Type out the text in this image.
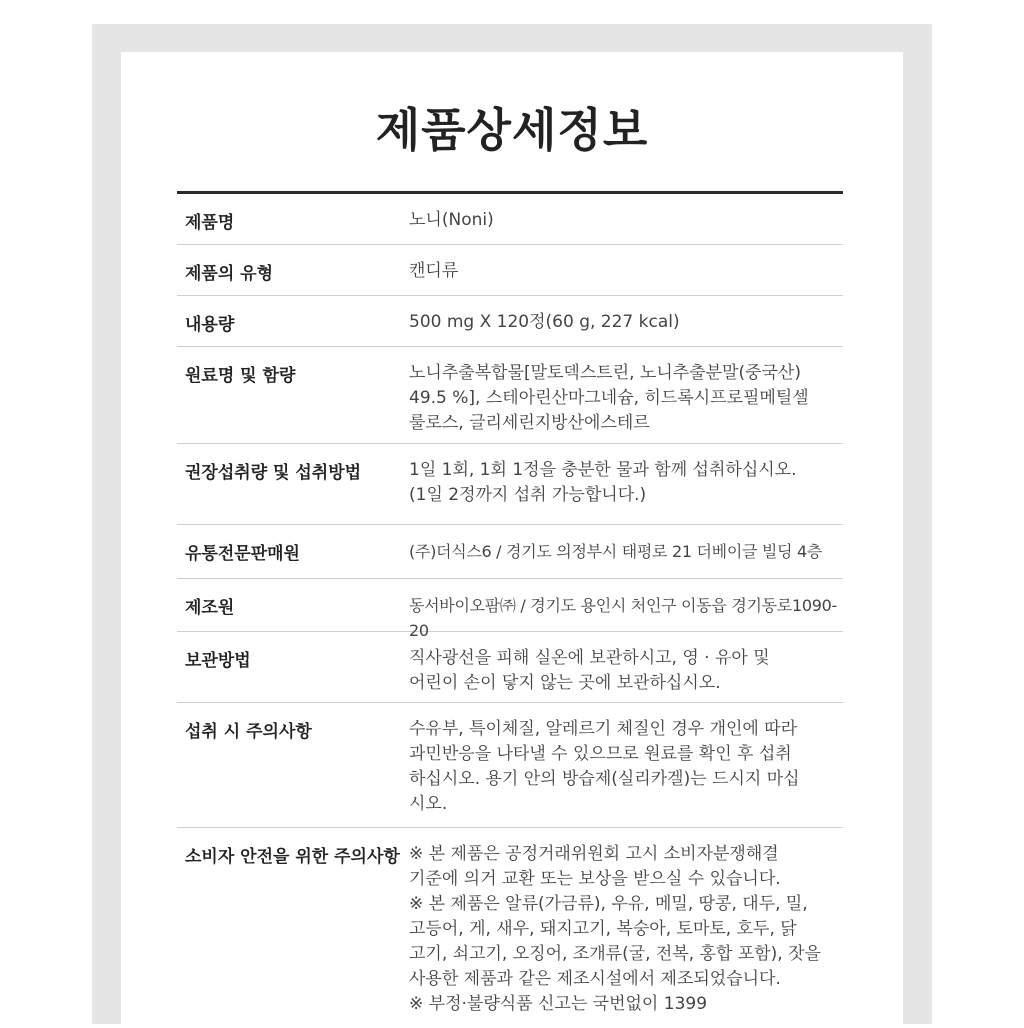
제품상세정보
제품명	노니(Noni)
제품의 유형	캔디류
내용량	500 mg X 120정(60 g, 227 kcal)
원료명 및 함량	노니추출복합물[말토덱스트린, 노니추출분말(중국산)
49.5 %], 스테아린산마그네슘, 히드록시프로필메틸셀
룰로스, 글리세린지방산에스테르
권장섭취량 및 섭취방법	1일 1회, 1회 1정을 충분한 물과 함께 섭취하십시오.
(1일 2정까지 섭취 가능합니다.)
유통전문판매원	(주)더식스6 / 경기도 의정부시 태평로 21 더베이글 빌딩 4층
제조원	동서바이오팜㈜ / 경기도 용인시 처인구 이동읍 경기동로1090-20
보관방법	직사광선을 피해 실온에 보관하시고, 영 · 유아 및
어린이 손이 닿지 않는 곳에 보관하십시오.
섭취 시 주의사항	수유부, 특이체질, 알레르기 체질인 경우 개인에 따라
과민반응을 나타낼 수 있으므로 원료를 확인 후 섭취
하십시오. 용기 안의 방습제(실리카겔)는 드시지 마십
시오.
소비자 안전을 위한 주의사항 ※ 본 제품은 공정거래위원회 고시 소비자분쟁해결
기준에 의거 교환 또는 보상을 받으실 수 있습니다.
※ 본 제품은 알류(가금류), 우유, 메밀, 땅콩, 대두, 밀,
고등어, 게, 새우, 돼지고기, 복숭아, 토마토, 호두, 닭
고기, 쇠고기, 오징어, 조개류(굴, 전복, 홍합 포함), 잣을
사용한 제품과 같은 제조시설에서 제조되었습니다.
※ 부정·불량식품 신고는 국번없이 1399
